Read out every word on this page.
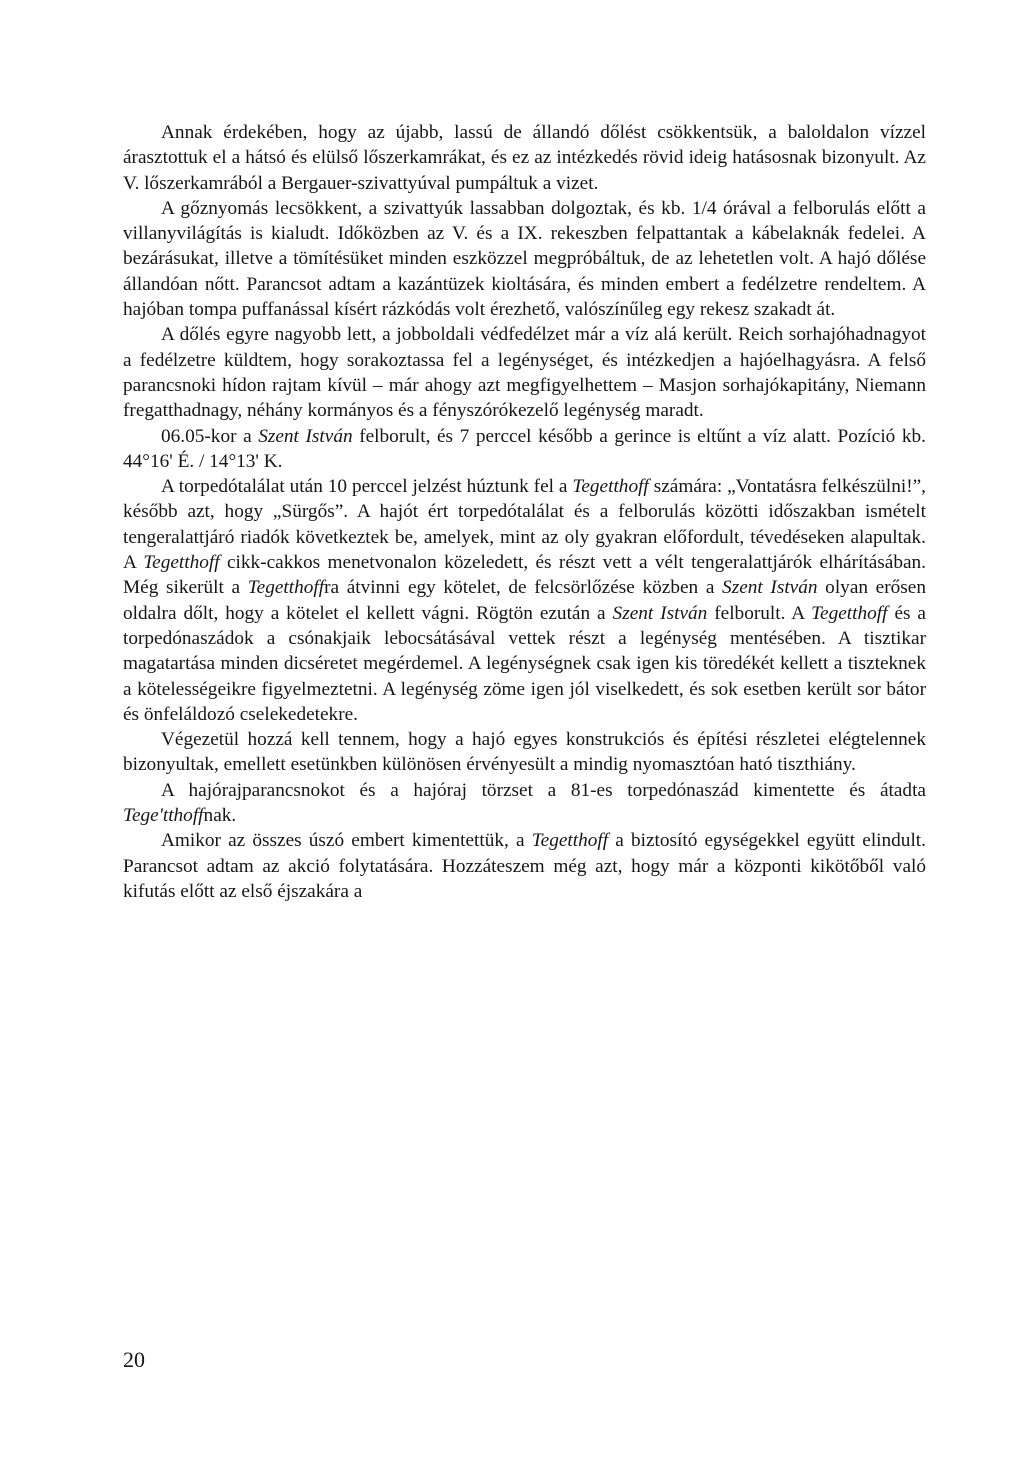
Annak érdekében, hogy az újabb, lassú de állandó dőlést csökkentsük, a baloldalon vízzel árasztottuk el a hátsó és elülső lőszerkamrákat, és ez az intézkedés rövid ideig hatásosnak bizonyult. Az V. lőszerkamrából a Bergauer-szivattyúval pumpáltuk a vizet.

A gőznyomás lecsökkent, a szivattyúk lassabban dolgoztak, és kb. 1/4 órával a felborulás előtt a villanyvilágítás is kialudt. Időközben az V. és a IX. rekeszben felpattantak a kábelaknák fedelei. A bezárásukat, illetve a tömítésüket minden eszközzel megpróbáltuk, de az lehetetlen volt. A hajó dőlése állandóan nőtt. Parancsot adtam a kazántüzek kioltására, és minden embert a fedélzetre rendeltem. A hajóban tompa puffanással kísért rázkódás volt érezhető, valószínűleg egy rekesz szakadt át.

A dőlés egyre nagyobb lett, a jobboldali védfedélzet már a víz alá került. Reich sorhajóhadnagyot a fedélzetre küldtem, hogy sorakoztassa fel a legénységet, és intézkedjen a hajóelhagyásra. A felső parancsnoki hídon rajtam kívül – már ahogy azt megfigyelhettem – Masjon sorhajókapitány, Niemann fregatthadnagy, néhány kormányos és a fényszórókezelő legénység maradt.

06.05-kor a Szent István felborult, és 7 perccel később a gerince is eltűnt a víz alatt. Pozíció kb. 44°16' É. / 14°13' K.

A torpedótalálat után 10 perccel jelzést húztunk fel a Tegetthoff számára: „Vontatásra felkészülni!”, később azt, hogy „Sürgős”. A hajót ért torpedótalálat és a felborulás közötti időszakban ismételt tengeralattjáró riadók következtek be, amelyek, mint az oly gyakran előfordult, tévedéseken alapultak. A Tegetthoff cikk-cakkos menetvonalon közeledett, és részt vett a vélt tengeralattjárók elhárításában. Még sikerült a Tegetthoffra átvinni egy kötelet, de felcsörlőzése közben a Szent István olyan erősen oldalra dőlt, hogy a kötelet el kellett vágni. Rögtön ezután a Szent István felborult. A Tegetthoff és a torpedónaszádok a csónakjaik lebocsátásával vettek részt a legénység mentésében. A tisztikar magatartása minden dicséretet megérdemel. A legénységnek csak igen kis töredékét kellett a tiszteknek a kötelességeikre figyelmeztetni. A legénység zöme igen jól viselkedett, és sok esetben került sor bátor és önfeláldozó cselekedetekre.

Végezetül hozzá kell tennem, hogy a hajó egyes konstrukciós és építési részletei elégtelennek bizonyultak, emellett esetünkben különösen érvényesült a mindig nyomasztóan ható tiszthiány.

A hajórajparancsnokot és a hajóraj törzset a 81-es torpedónaszád kimentette és átadta Tege'tthoffnak.

Amikor az összes úszó embert kimentettük, a Tegetthoff a biztosító egységekkel együtt elindult. Parancsot adtam az akció folytatására. Hozzáteszem még azt, hogy már a központi kikötőből való kifutás előtt az első éjszakára a

20
